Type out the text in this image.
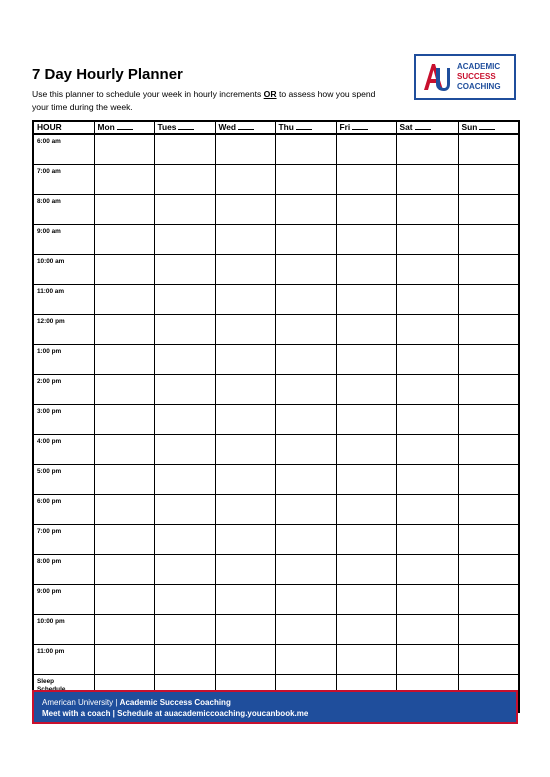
7 Day Hourly Planner
Use this planner to schedule your week in hourly increments OR to assess how you spend your time during the week.
ACADEMIC
SUCCESS
COACHING
HOUR	Mon	Tues	Wed	Thu	Fri	Sat	Sun
6:00 am							
7:00 am							
8:00 am							
9:00 am							
10:00 am							
11:00 am							
12:00 pm							
1:00 pm							
2:00 pm							
3:00 pm							
4:00 pm							
5:00 pm							
6:00 pm							
7:00 pm							
8:00 pm							
9:00 pm							
10:00 pm							
11:00 pm							

Sleep							

American University | Academic Success Coaching
Meet with a coach | Schedule at auacademiccoaching.youcanbook.me
